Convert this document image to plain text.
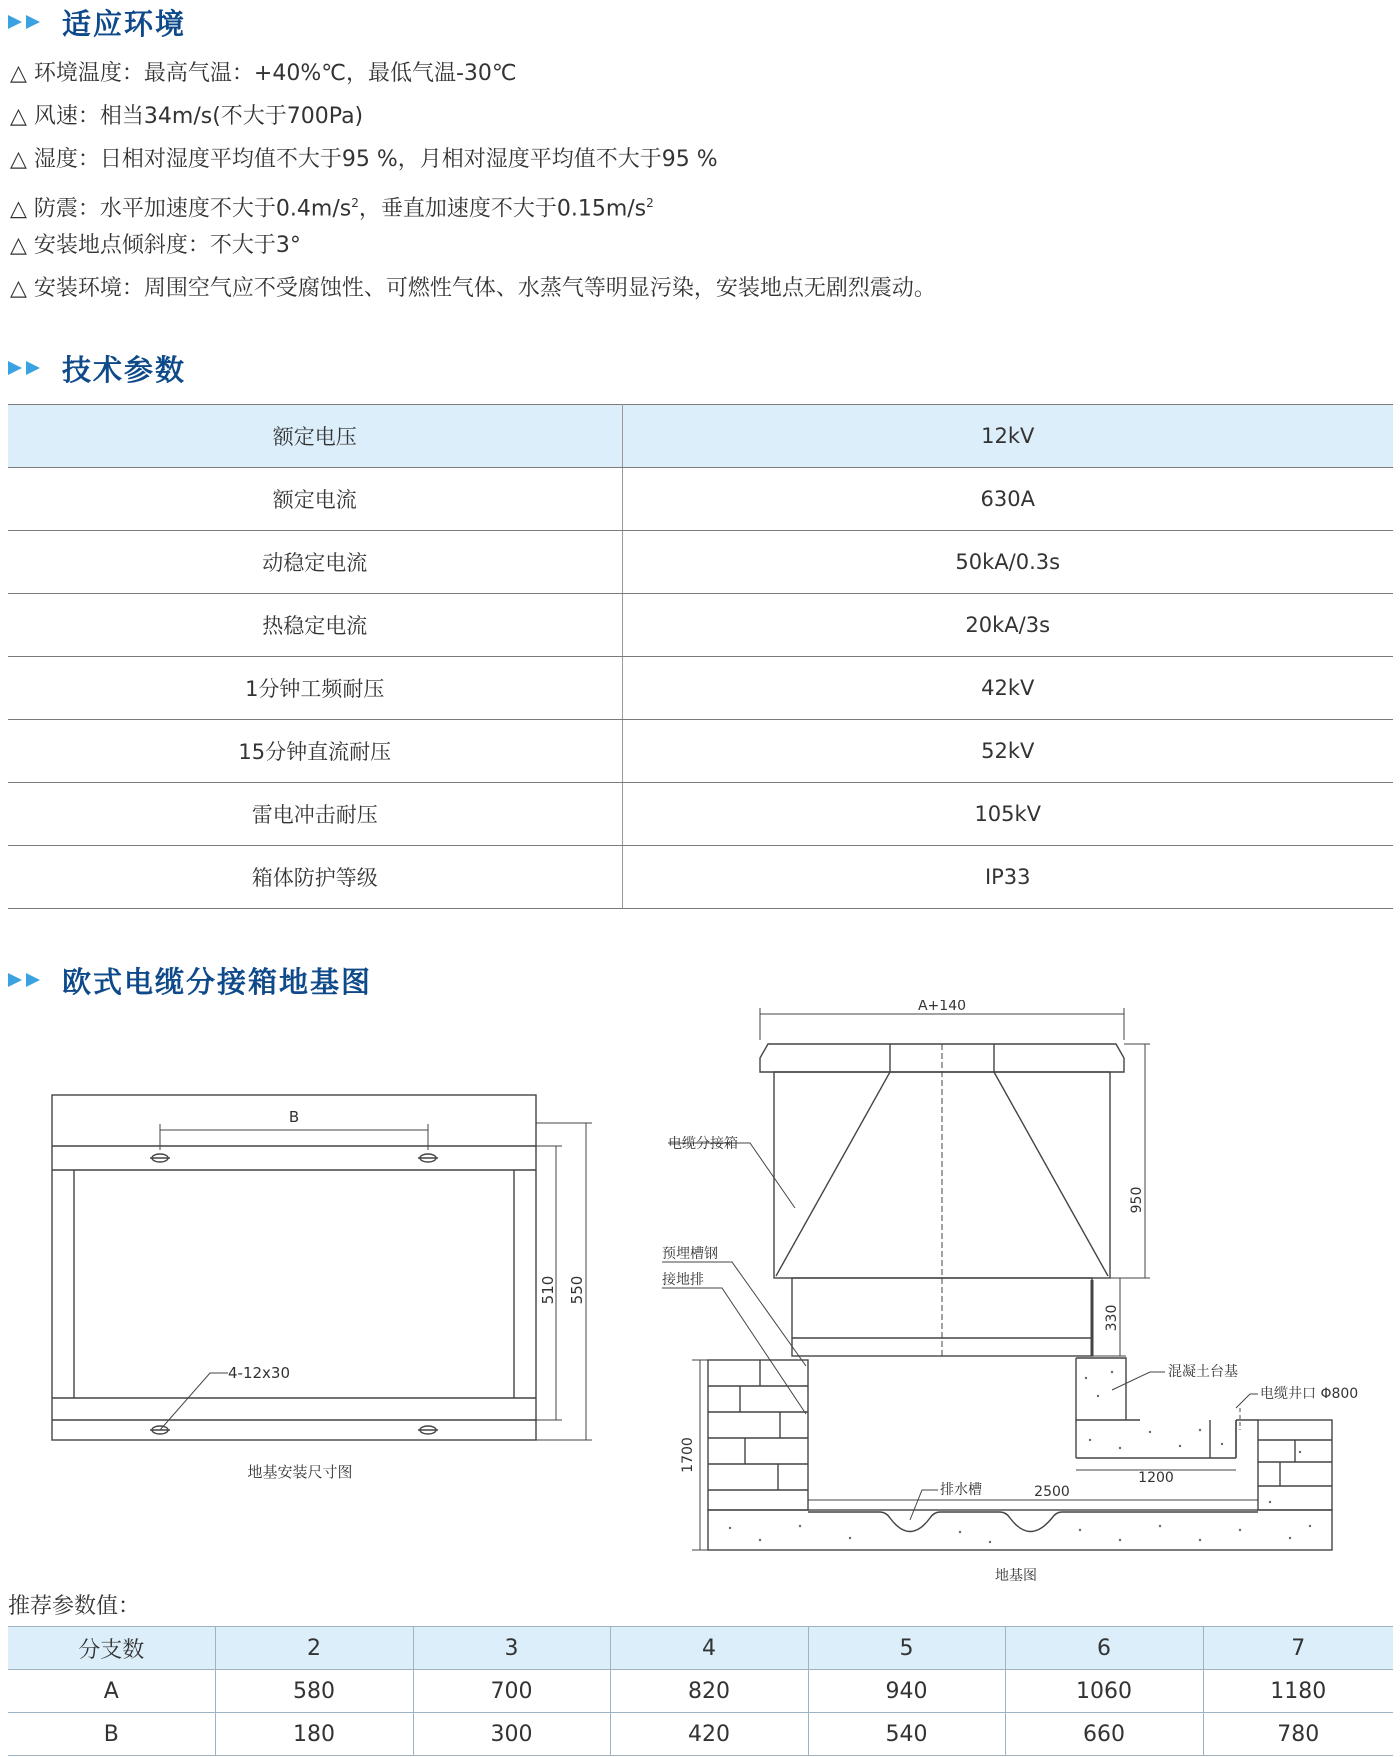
适应环境
△ 环境温度：最高气温：+40%℃，最低气温-30℃
△ 风速：相当34m/s(不大于700Pa)
△ 湿度：日相对湿度平均值不大于95 %，月相对湿度平均值不大于95 %
△ 防震：水平加速度不大于$0.4m/s^2$，垂直加速度不大于$0.15m/s^2$
△ 安装地点倾斜度：不大于3°
△ 安装环境：周围空气应不受腐蚀性、可燃性气体、水蒸气等明显污染，安装地点无剧烈震动。
技术参数
额定电压	12kV
额定电流	630A
动稳定电流	50kA/0.3s
热稳定电流	20kA/3s
1分钟工频耐压	42kV
15分钟直流耐压	52kV
雷电冲击耐压	105kV
箱体防护等级	IP33
欧式电缆分接箱地基图
B
510 550
4-12x30
地基安装尺寸图
A+140
电缆分接箱
预埋槽钢
接地排
950
330
1700
混凝土台基
电缆井口 Φ800
1200
排水槽	2500
地基图
推荐参数值：
分支数	2	3	4	5	6	7
A	580	700	820	940	1060	1180
B	180	300	420	540	660	780
